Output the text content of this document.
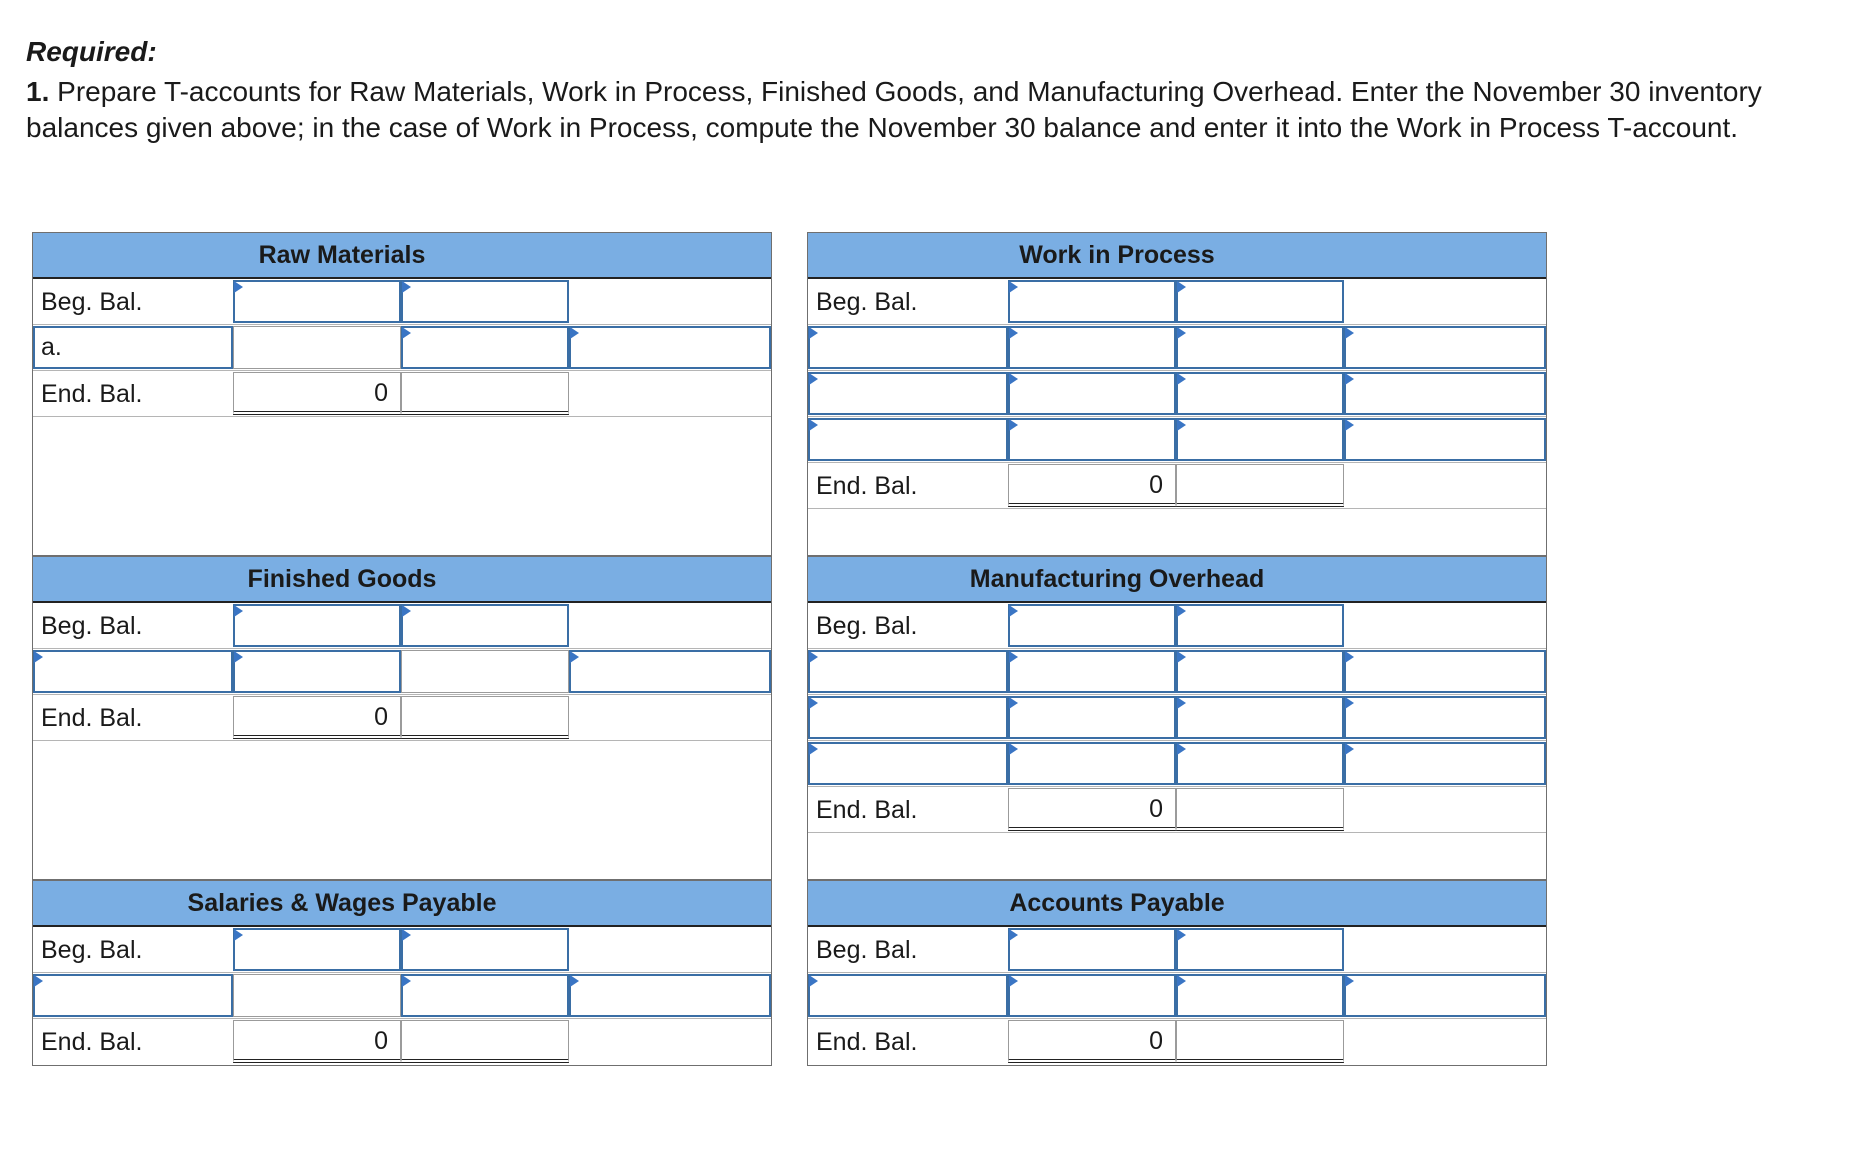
Required:
1. Prepare T-accounts for Raw Materials, Work in Process, Finished Goods, and Manufacturing Overhead. Enter the November 30 inventory balances given above; in the case of Work in Process, compute the November 30 balance and enter it into the Work in Process T-account.
Raw Materials
Beg. Bal.
a.
End. Bal.	0
Work in Process
Beg. Bal.
End. Bal.	0
Finished Goods
Beg. Bal.
End. Bal.	0
Manufacturing Overhead
Beg. Bal.
End. Bal.	0
Salaries & Wages Payable
Beg. Bal.
End. Bal.	0
Accounts Payable
Beg. Bal.
End. Bal.	0
